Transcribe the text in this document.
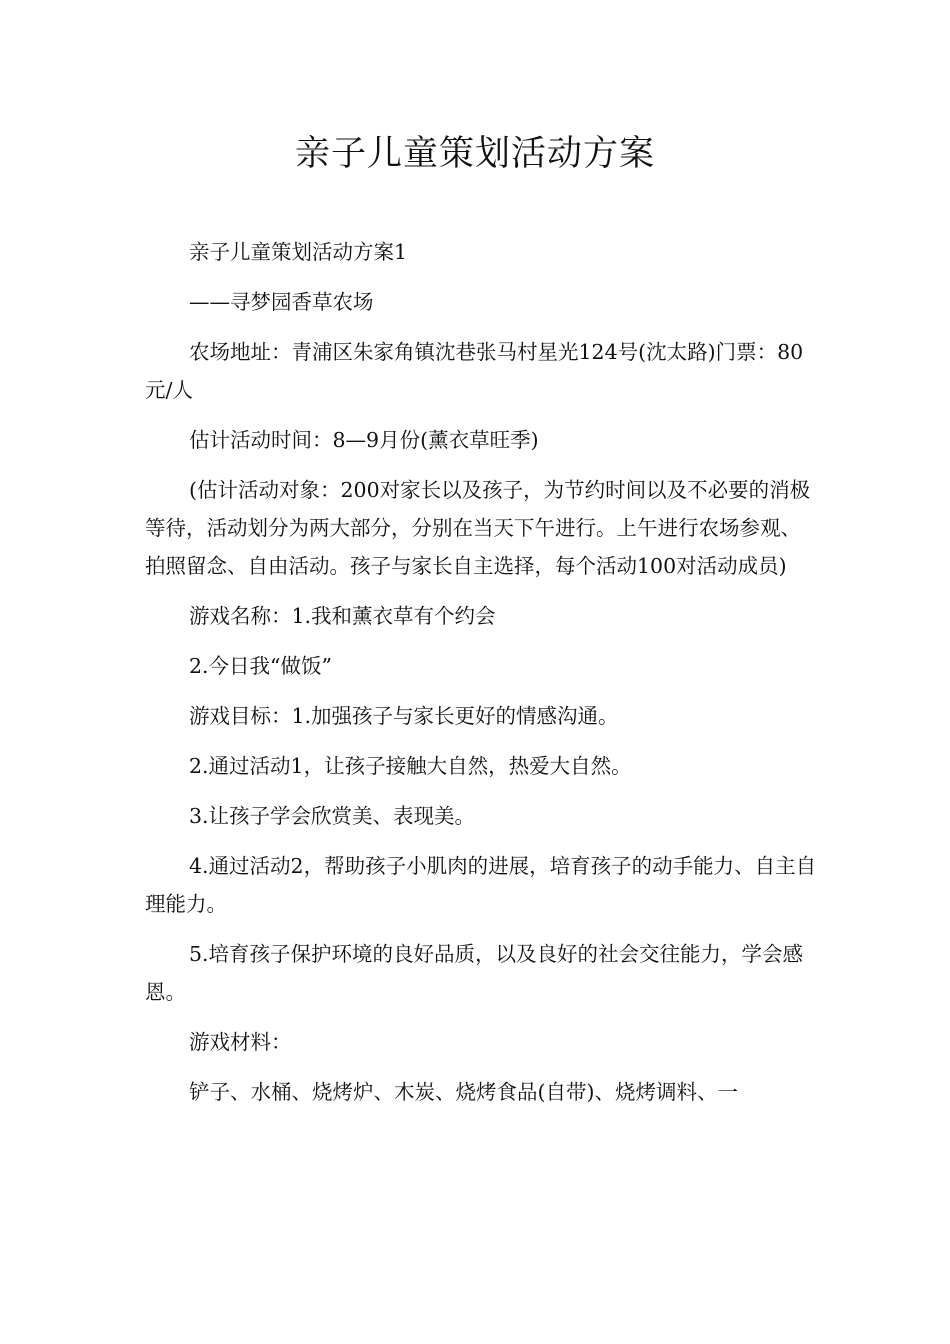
亲子儿童策划活动方案

亲子儿童策划活动方案1

——寻梦园香草农场

农场地址：青浦区朱家角镇沈巷张马村星光124号(沈太路)门票：80元/人

估计活动时间：8—9月份(薰衣草旺季)

(估计活动对象：200对家长以及孩子，为节约时间以及不必要的消极等待，活动划分为两大部分，分别在当天下午进行。上午进行农场参观、拍照留念、自由活动。孩子与家长自主选择，每个活动100对活动成员)

游戏名称：1.我和薰衣草有个约会

2.今日我“做饭”

游戏目标：1.加强孩子与家长更好的情感沟通。

2.通过活动1，让孩子接触大自然，热爱大自然。

3.让孩子学会欣赏美、表现美。

4.通过活动2，帮助孩子小肌肉的进展，培育孩子的动手能力、自主自理能力。

5.培育孩子保护环境的良好品质，以及良好的社会交往能力，学会感恩。

游戏材料：

铲子、水桶、烧烤炉、木炭、烧烤食品(自带)、烧烤调料、一
